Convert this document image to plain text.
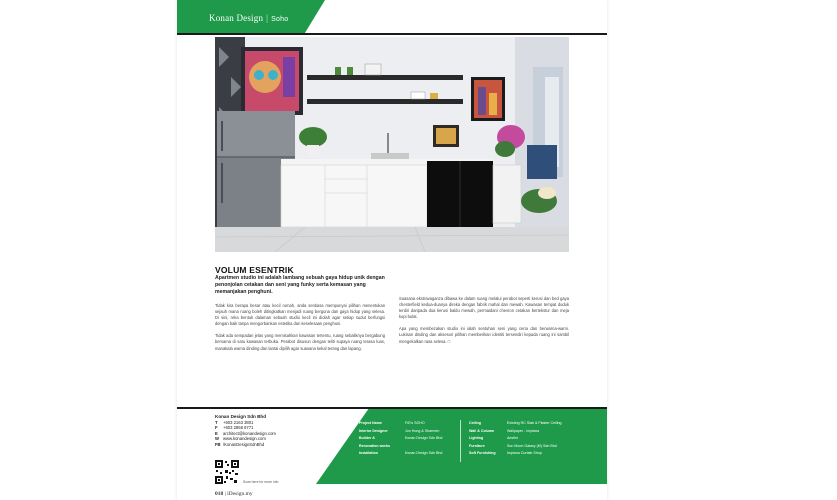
Konan Design | Soho
VOLUM ESENTRIK
Apartmen studio ini adalah lambang sebuah gaya hidup unik dengan penonjolan cetakan dan seni yang funky serta kemasan yang memanjakan penghuni.

Tidak kira berapa besar atau kecil rumah, anda sentiasa mempunyai pilihan menentukan sejauh mana ruang boleh ditingkatkan menjadi ruang berguna dan gaya hidup yang selesa. Di sini, reka bentuk dalaman sebuah studio kecil ini diolah agar setiap sudut berfungsi dengan baik tanpa mengorbankan estetika dan keselesaan penghuni.

Tidak ada sempadan jelas yang memisahkan kawasan tertentu, ruang sebaliknya bergabung bersama di satu kawasan terbuka. Perabot disusun dengan teliti supaya ruang terasa luas, manakala warna dinding dan lantai dipilih agar suasana kekal terang dan lapang.

Suasana ekstravaganza dibawa ke dalam ruang melalui perabot seperti kerusi dan bed gaya chesterfield kedua-duanya direka dengan fabrik mahal dan mewah. Kawasan tempat duduk terdiri daripada dua kerusi baldu mewah, permaidani chevron cetakan bertekstur dan meja kopi bulat.

Apa yang membezakan studio ini ialah sentuhan seni yang ceria dan berwarna-warni. Lukisan dinding dan aksesori pilihan memberikan identiti tersendiri kepada ruang ini sambil mengekalkan rasa selesa. □

Konan Design Sdn Bhd
T	+603 2163 3801
F	+603 2858 6771
E	architect@konandesign.com
W www.konandesign.com
FB /KonanDesignSdnBhd
Scan here for more info
018 | iDesign.my
Project Name	FiD's SOHO
Interior Designer	Jun Hong & Sharmen
Builder &	Konan Design Sdn Bhd
Renovation works
Installation	Konan Design Sdn Bhd
Ceiling	Existing RC Slab & Plaster Ceiling
Wall & Column	Wallpaper - Impiana
Lighting	Aesthe
Furniture	Sun Moon Galaxy (M) Sdn Bhd
Soft Furnishing	Impiana Curtain Shop
